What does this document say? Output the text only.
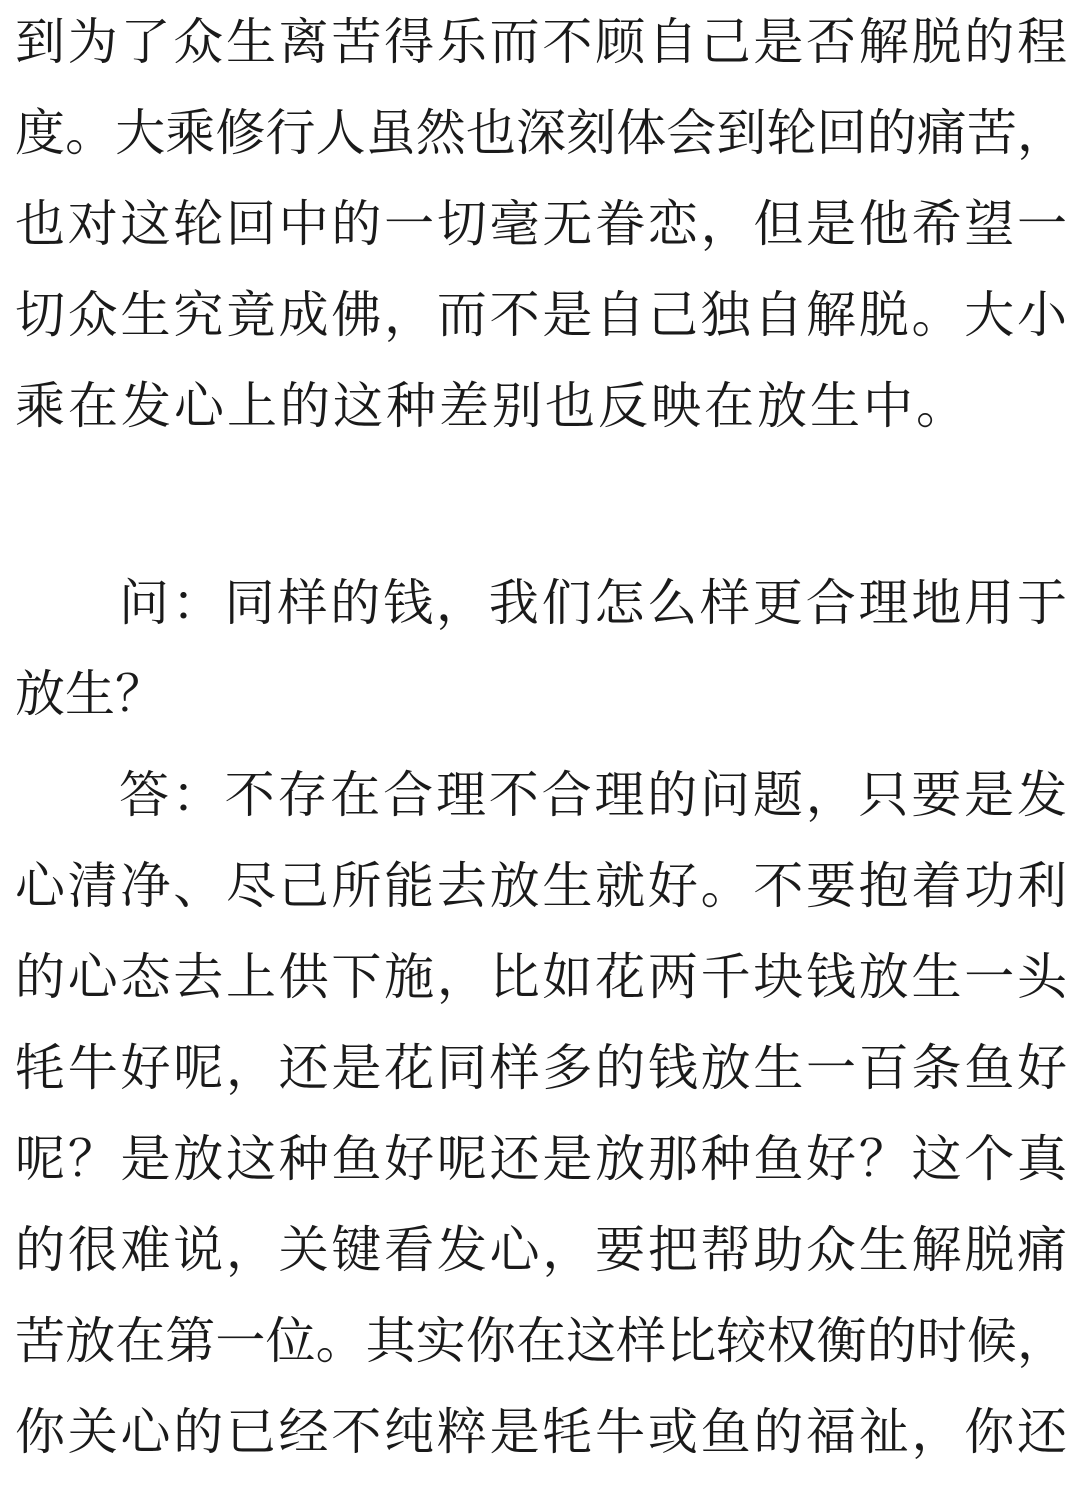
到为了众生离苦得乐而不顾自己是否解脱的程
度。大乘修行人虽然也深刻体会到轮回的痛苦，
也对这轮回中的一切毫无眷恋，但是他希望一
切众生究竟成佛，而不是自己独自解脱。大小
乘在发心上的这种差别也反映在放生中。
问：同样的钱，我们怎么样更合理地用于
放生？
答：不存在合理不合理的问题，只要是发
心清净、尽己所能去放生就好。不要抱着功利
的心态去上供下施，比如花两千块钱放生一头
牦牛好呢，还是花同样多的钱放生一百条鱼好
呢？是放这种鱼好呢还是放那种鱼好？这个真
的很难说，关键看发心，要把帮助众生解脱痛
苦放在第一位。其实你在这样比较权衡的时候，
你关心的已经不纯粹是牦牛或鱼的福祉，你还
